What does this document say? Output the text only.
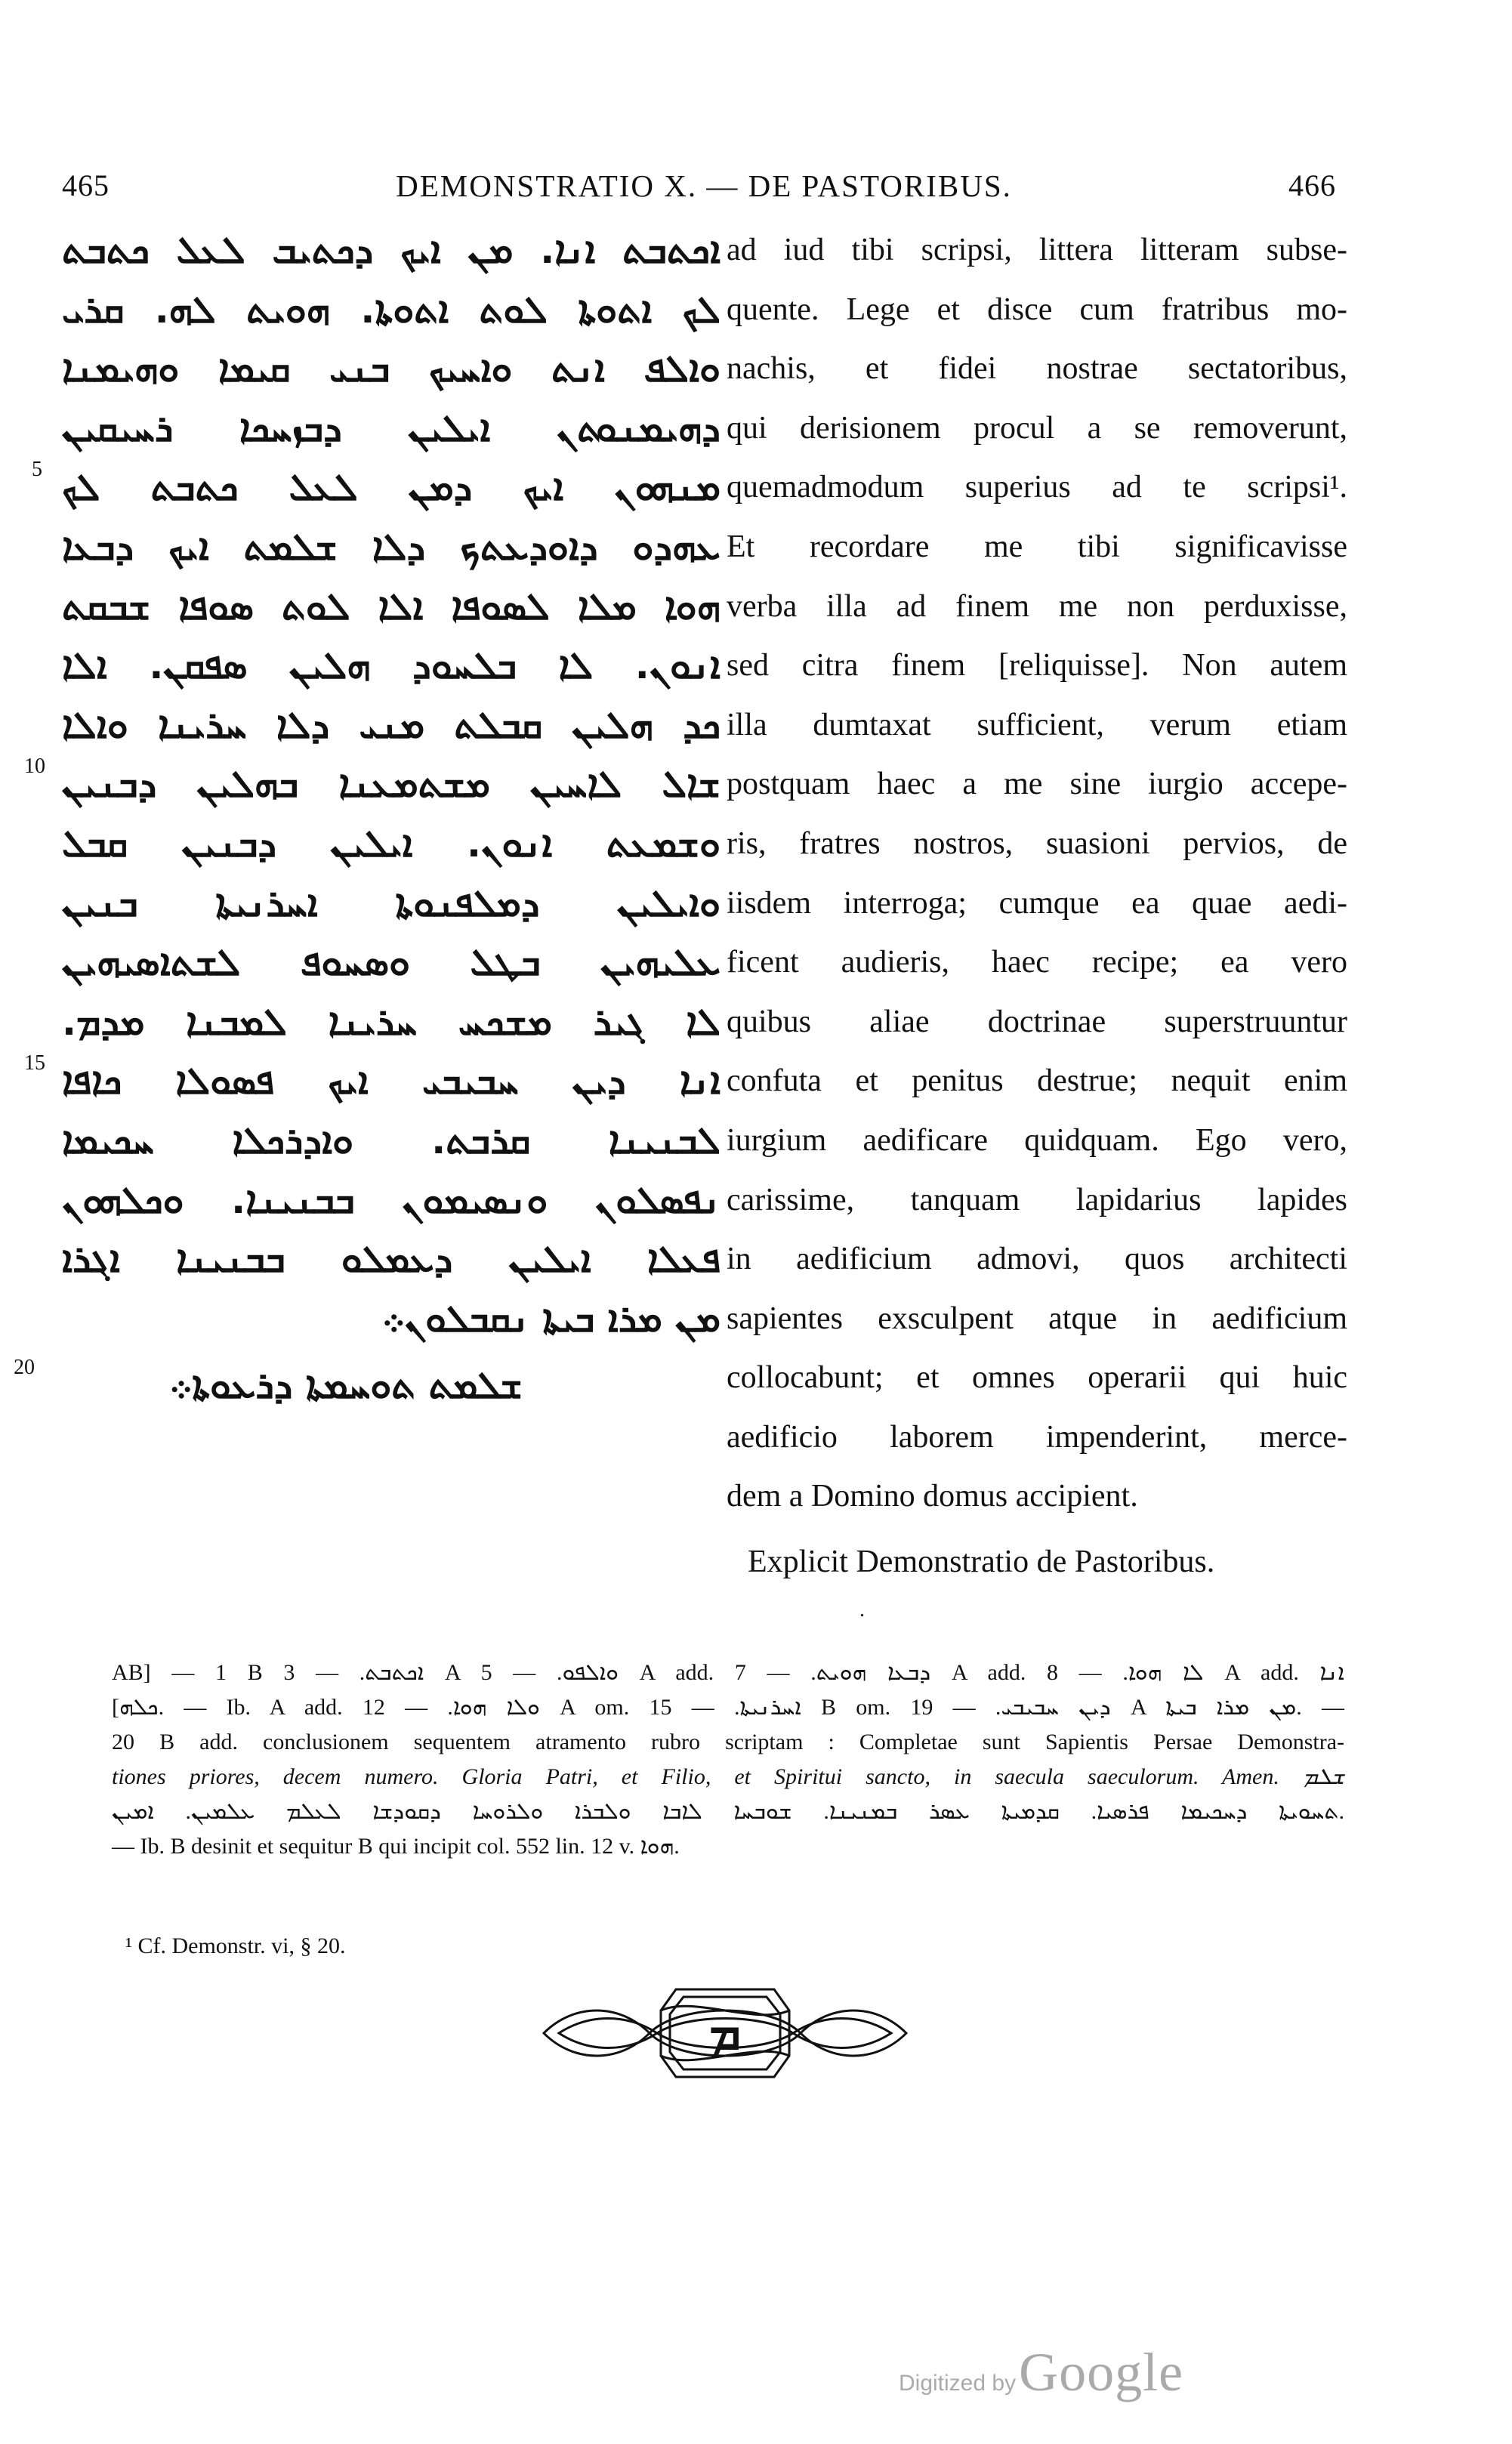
465	DEMONSTRATIO X. — DE PASTORIBUS.	466
ܐܟܬܒܬ ܐܢܐ. ܡܢ ܐܝܟ ܕܟܬܝܒ ܠܥܠ ܟܬܒܬ
ܠܟ ܐܬܘܬܐ ܠܘܬ ܐܬܘܬܐ. ܗܘܝܬ ܠܗ. ܩܪܝ
ܘܐܠܦ ܐܢܬ ܘܐܚܝܟ ܒܢܝ ܩܝܡܐ ܘܗܝܡܢܐ
ܕܗܝܡܢܘܬܢ ܐܝܠܝܢ ܕܒܙܚܟܐ ܪܚܝܩܝܢ
ܡܢܗܘܢ ܐܝܟ ܕܡܢ ܠܥܠ ܟܬܒܬ ܠܟ
5
ܥܗܕܘ ܕܐܘܕܥܬܟ ܕܠܐ ܫܠܡܬ ܐܝܟ ܕܒܥܐ
ܗܘܐ ܡܠܐ ܠܣܘܦܐ ܐܠܐ ܠܘܬ ܣܘܦܐ ܫܒܩܬ
ܐܢܘܢ. ܠܐ ܒܠܚܘܕ ܗܠܝܢ ܣܦܩܢ. ܐܠܐ
ܟܕ ܗܠܝܢ ܩܒܠܬ ܡܢܝ ܕܠܐ ܚܪܝܢܐ ܘܐܠܐ
ܫܐܠ ܠܐܚܝܢ ܡܫܬܡܥܢܐ ܒܗܠܝܢ ܕܒܢܝܢ
10
ܘܫܡܥܬ ܐܢܘܢ. ܐܝܠܝܢ ܕܒܢܝܢ ܩܒܠ
ܘܐܝܠܝܢ ܕܡܠܦܢܘܬܐ ܐܚܪܢܝܬܐ ܒܢܝܢ
ܥܠܝܗܝܢ ܒܛܠ ܘܣܚܘܦ ܠܫܬܐܣܝܗܝܢ
ܠܐ ܓܝܪ ܡܫܟܚ ܚܪܝܢܐ ܠܡܒܢܐ ܡܕܡ.
ܐܢܐ ܕܝܢ ܚܒܝܒܝ ܐܝܟ ܦܣܘܠܐ ܟܐܦܐ
15
ܠܒܢܝܢܐ ܩܪܒܬ. ܘܐܕܪܟܠܐ ܚܟܝܡܐ
ܢܦܣܠܘܢ ܘܢܣܝܡܘܢ ܒܒܢܝܢܐ. ܘܟܠܗܘܢ
ܦܥܠܐ ܐܝܠܝܢ ܕܥܡܠܘ ܒܒܢܝܢܐ ܐܓܪܐ
ܡܢ ܡܪܐ ܒܝܬܐ ܢܩܒܠܘܢ܀
ܫܠܡܬ ܬܘܚܡܬܐ ܕܪܥܘܬܐ܀
20
ad iud tibi scripsi, littera litteram subse-
quente. Lege et disce cum fratribus mo-
nachis, et fidei nostrae sectatoribus,
qui derisionem procul a se removerunt,
quemadmodum superius ad te scripsi¹.
Et recordare me tibi significavisse
verba illa ad finem me non perduxisse,
sed citra finem [reliquisse]. Non autem
illa dumtaxat sufficient, verum etiam
postquam haec a me sine iurgio accepe-
ris, fratres nostros, suasioni pervios, de
iisdem interroga; cumque ea quae aedi-
ficent audieris, haec recipe; ea vero
quibus aliae doctrinae superstruuntur
confuta et penitus destrue; nequit enim
iurgium aedificare quidquam. Ego vero,
carissime, tanquam lapidarius lapides
in aedificium admovi, quos architecti
sapientes exsculpent atque in aedificium
collocabunt; et omnes operarii qui huic
aedificio laborem impenderint, merce-
dem a Domino domus accipient.
Explicit Demonstratio de Pastoribus.
.
AB] — 1 B ܐܟܬܒܬ. — 3 A ܘܐܠܦܘ. — 5 A add. ܕܒܥܐ ܗܘܝܬ. — 7 A add. ܠܐ ܗܘܐ. — 8 A add. ܐܢܐ
[ܟܠܗ. — Ib. A add. ܘܠܐ ܗܘܐ. — 12 A om. ܐܚܪܢܝܬܐ. — 15 B om. ܕܝܢ ܚܒܝܒܝ. — 19 A ܡܢ ܡܪܐ ܒܝܬܐ. —
20 B add. conclusionem sequentem atramento rubro scriptam : Completae sunt Sapientis Persae Demonstra-
tiones priores, decem numero. Gloria Patri, et Filio, et Spiritui sancto, in saecula saeculorum. Amen. ܫܠܡ
ܬܚܘܝܬܐ ܕܚܟܝܡܐ ܦܪܣܝܐ. ܩܕܡܝܬܐ ܥܣܪ ܒܡܢܝܢܐ. ܫܘܒܚܐ ܠܐܒܐ ܘܠܒܪܐ ܘܠܪܘܚܐ ܕܩܘܕܫܐ ܠܥܠܡ ܥܠܡܝܢ. ܐܡܝܢ.
— Ib. B desinit et sequitur B qui incipit col. 552 lin. 12 v. ܗܘܐ.
¹ Cf. Demonstr. vi, § 20.
ܡ
Digitized by Google
